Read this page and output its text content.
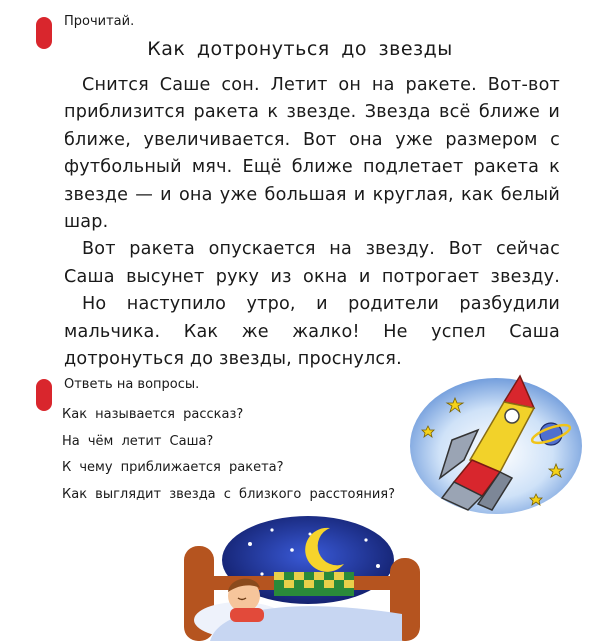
Прочитай.
Как дотронуться до звезды

Снится Саше сон. Летит он на ракете. Вот-вот приблизится ракета к звезде. Звезда всё ближе и ближе, увеличивается. Вот она уже размером с футбольный мяч. Ещё ближе подлетает ракета к звезде — и она уже большая и круглая, как белый шар.

Вот ракета опускается на звезду. Вот сейчас Саша высунет руку из окна и потрогает звезду.

Но наступило утро, и родители разбудили мальчика. Как же жалко! Не успел Саша дотронуться до звезды, проснулся.

Ответь на вопросы.
Как называется рассказ?
На чём летит Саша?
К чему приближается ракета?
Как выглядит звезда с близкого расстояния?
